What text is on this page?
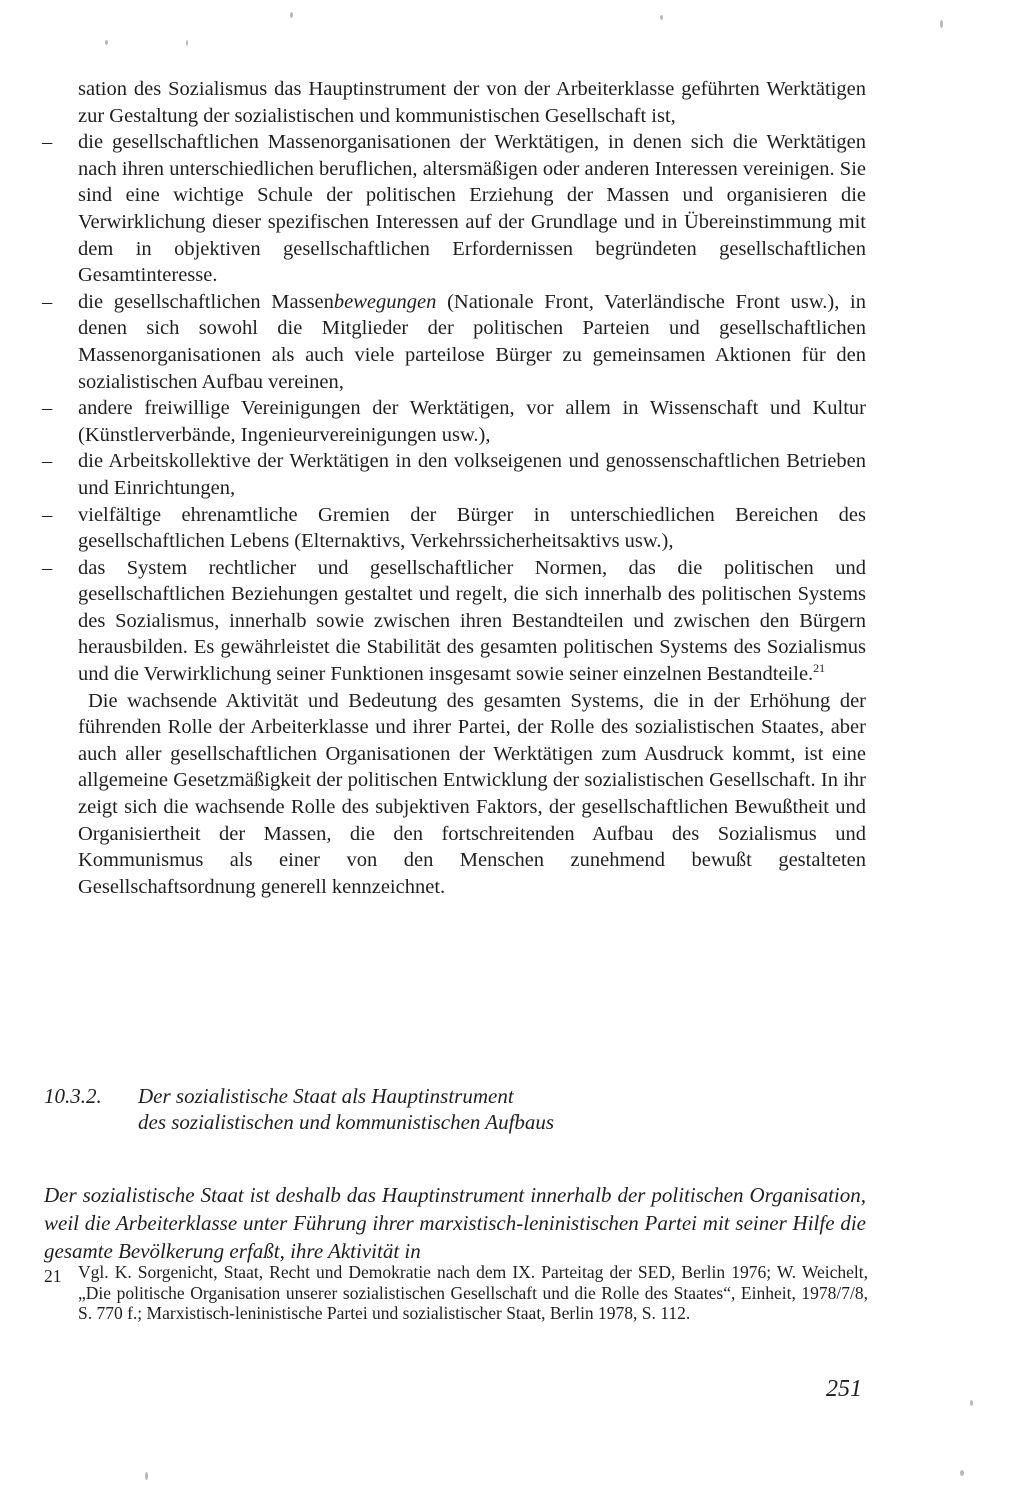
sation des Sozialismus das Hauptinstrument der von der Arbeiterklasse geführten Werktätigen zur Gestaltung der sozialistischen und kommunistischen Gesellschaft ist,

– die gesellschaftlichen Massenorganisationen der Werktätigen, in denen sich die Werktätigen nach ihren unterschiedlichen beruflichen, altersmäßigen oder anderen Interessen vereinigen. Sie sind eine wichtige Schule der politischen Erziehung der Massen und organisieren die Verwirklichung dieser spezifischen Interessen auf der Grundlage und in Übereinstimmung mit dem in objektiven gesellschaftlichen Erfordernissen begründeten gesellschaftlichen Gesamtinteresse.

– die gesellschaftlichen Massenbewegungen (Nationale Front, Vaterländische Front usw.), in denen sich sowohl die Mitglieder der politischen Parteien und gesellschaftlichen Massenorganisationen als auch viele parteilose Bürger zu gemeinsamen Aktionen für den sozialistischen Aufbau vereinen,

– andere freiwillige Vereinigungen der Werktätigen, vor allem in Wissenschaft und Kultur (Künstlerverbände, Ingenieurvereinigungen usw.),

– die Arbeitskollektive der Werktätigen in den volkseigenen und genossenschaftlichen Betrieben und Einrichtungen,

– vielfältige ehrenamtliche Gremien der Bürger in unterschiedlichen Bereichen des gesellschaftlichen Lebens (Elternaktivs, Verkehrssicherheitsaktivs usw.),

– das System rechtlicher und gesellschaftlicher Normen, das die politischen und gesellschaftlichen Beziehungen gestaltet und regelt, die sich innerhalb des politischen Systems des Sozialismus, innerhalb sowie zwischen ihren Bestandteilen und zwischen den Bürgern herausbilden. Es gewährleistet die Stabilität des gesamten politischen Systems des Sozialismus und die Verwirklichung seiner Funktionen insgesamt sowie seiner einzelnen Bestandteile.$^{21}$

Die wachsende Aktivität und Bedeutung des gesamten Systems, die in der Erhöhung der führenden Rolle der Arbeiterklasse und ihrer Partei, der Rolle des sozialistischen Staates, aber auch aller gesellschaftlichen Organisationen der Werktätigen zum Ausdruck kommt, ist eine allgemeine Gesetzmäßigkeit der politischen Entwicklung der sozialistischen Gesellschaft. In ihr zeigt sich die wachsende Rolle des subjektiven Faktors, der gesellschaftlichen Bewußtheit und Organisiertheit der Massen, die den fortschreitenden Aufbau des Sozialismus und Kommunismus als einer von den Menschen zunehmend bewußt gestalteten Gesellschaftsordnung generell kennzeichnet.

10.3.2. Der sozialistische Staat als Hauptinstrument
des sozialistischen und kommunistischen Aufbaus

Der sozialistische Staat ist deshalb das Hauptinstrument innerhalb der politischen Organisation, weil die Arbeiterklasse unter Führung ihrer marxistisch-leninistischen Partei mit seiner Hilfe die gesamte Bevölkerung erfaßt, ihre Aktivität in

21 Vgl. K. Sorgenicht, Staat, Recht und Demokratie nach dem IX. Parteitag der SED, Berlin 1976; W. Weichelt, „Die politische Organisation unserer sozialistischen Gesellschaft und die Rolle des Staates“, Einheit, 1978/7/8, S. 770 f.; Marxistisch-leninistische Partei und sozialistischer Staat, Berlin 1978, S. 112.
251
